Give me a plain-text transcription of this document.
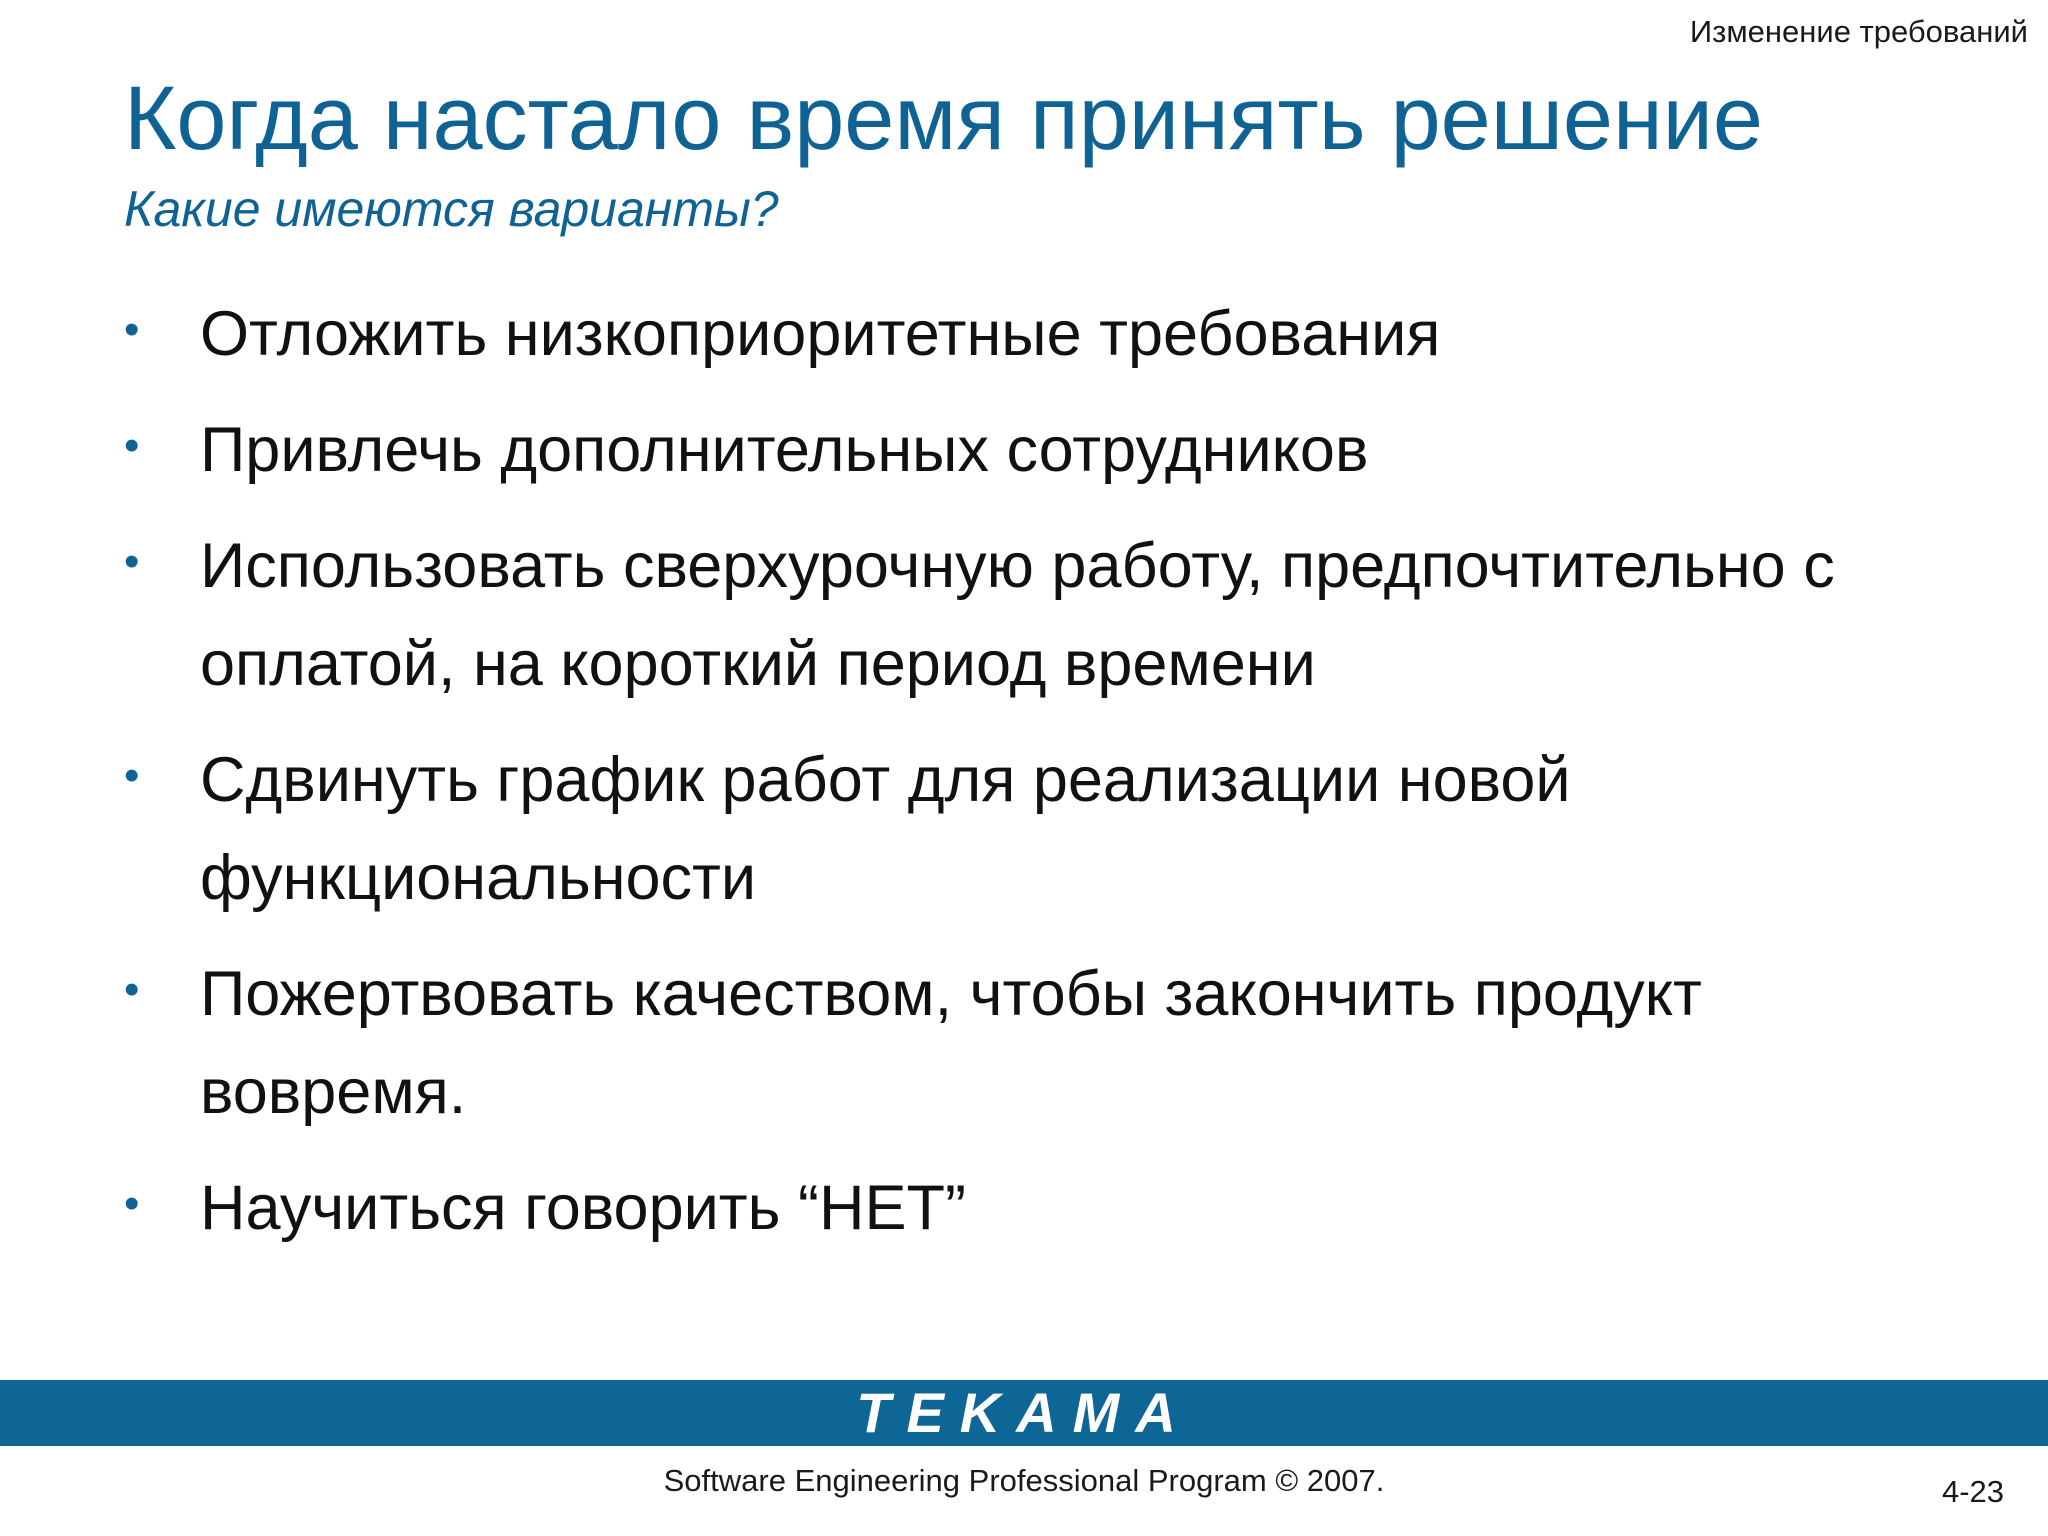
Изменение требований
Когда настало время принять решение
Какие имеются варианты?
• Отложить низкоприоритетные требования
• Привлечь дополнительных сотрудников
• Использовать сверхурочную работу, предпочтительно с оплатой, на короткий период времени
• Сдвинуть график работ для реализации новой функциональности
• Пожертвовать качеством, чтобы закончить продукт вовремя.
• Научиться говорить “НЕТ”
TEKAMA
Software Engineering Professional Program © 2007.	4-23
